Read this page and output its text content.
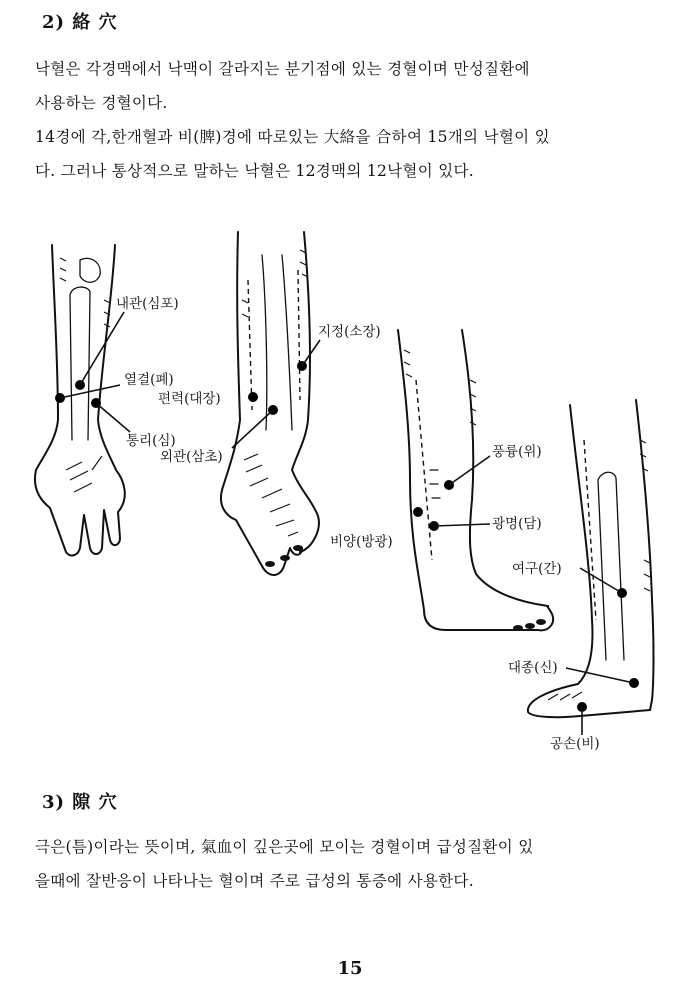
2) 絡 穴

낙혈은 각경맥에서 낙맥이 갈라지는 분기점에 있는 경혈이며 만성질환에
사용하는 경혈이다.

14경에 각,한개혈과 비(脾)경에 따로있는 大絡을 合하여 15개의 낙혈이 있
다. 그러나 통상적으로 말하는 낙혈은 12경맥의 12낙혈이 있다.

내관(심포)
열결(폐)
편력(대장)
통리(심)
외관(삼초)
지정(소장)
풍륭(위)
광명(담)
비양(방광)
여구(간)
대종(신)
공손(비)
3) 隙 穴

극은(틈)이라는 뜻이며, 氣血이 깊은곳에 모이는 경혈이며 급성질환이 있
을때에 잘반응이 나타나는 혈이며 주로 급성의 통증에 사용한다.

15
